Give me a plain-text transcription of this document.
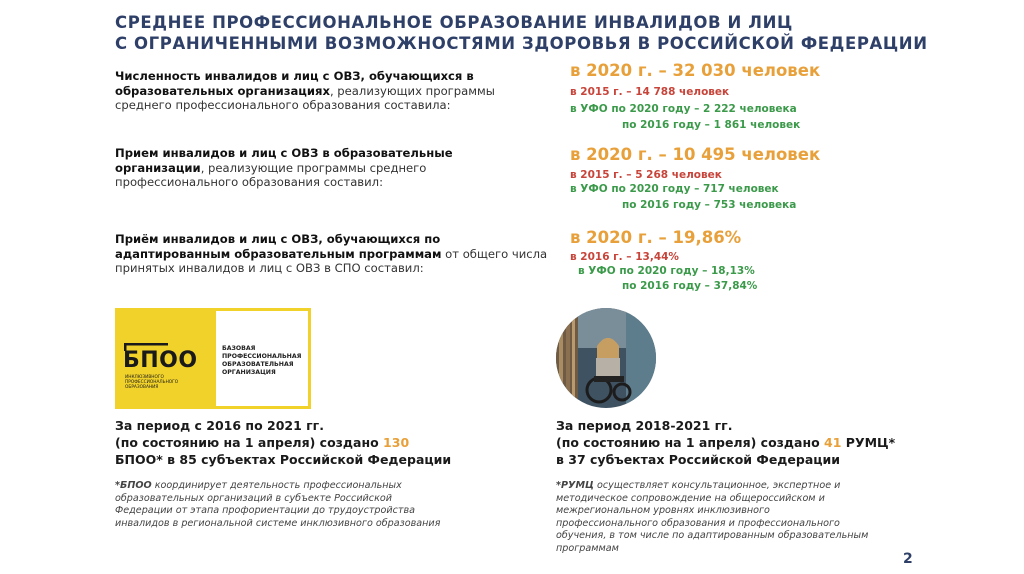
СРЕДНЕЕ ПРОФЕССИОНАЛЬНОЕ ОБРАЗОВАНИЕ ИНВАЛИДОВ И ЛИЦ
С ОГРАНИЧЕННЫМИ ВОЗМОЖНОСТЯМИ ЗДОРОВЬЯ В РОССИЙСКОЙ ФЕДЕРАЦИИ
Численность инвалидов и лиц с ОВЗ, обучающихся в образовательных организациях, реализующих программы среднего профессионального образования составила:
в 2020 г. – 32 030 человек
в 2015 г. – 14 788 человек
в УФО по 2020 году – 2 222 человека
по 2016 году – 1 861 человек
Прием инвалидов и лиц с ОВЗ в образовательные организации, реализующие программы среднего профессионального образования составил:
в 2020 г. – 10 495 человек
в 2015 г. – 5 268 человек
в УФО по 2020 году – 717 человек
по 2016 году – 753 человека
Приём инвалидов и лиц с ОВЗ, обучающихся по адаптированным образовательным программам от общего числа принятых инвалидов и лиц с ОВЗ в СПО составил:
в 2020 г. – 19,86%
в 2016 г. – 13,44%
в УФО по 2020 году – 18,13%
по 2016 году – 37,84%
БПОО
ИНКЛЮЗИВНОГО
ПРОФЕССИОНАЛЬНОГО
ОБРАЗОВАНИЯ
БАЗОВАЯ
ПРОФЕССИОНАЛЬНАЯ
ОБРАЗОВАТЕЛЬНАЯ
ОРГАНИЗАЦИЯ
За период с 2016 по 2021 гг.
(по состоянию на 1 апреля) создано 130
БПОО* в 85 субъектах Российской Федерации
*БПОО координирует деятельность профессиональных образовательных организаций в субъекте Российской Федерации от этапа профориентации до трудоустройства инвалидов в региональной системе инклюзивного образования
За период 2018-2021 гг.
(по состоянию на 1 апреля) создано 41 РУМЦ*
в 37 субъектах Российской Федерации
*РУМЦ осуществляет консультационное, экспертное и методическое сопровождение на общероссийском и межрегиональном уровнях инклюзивного профессионального образования и профессионального обучения, в том числе по адаптированным образовательным программам
2
